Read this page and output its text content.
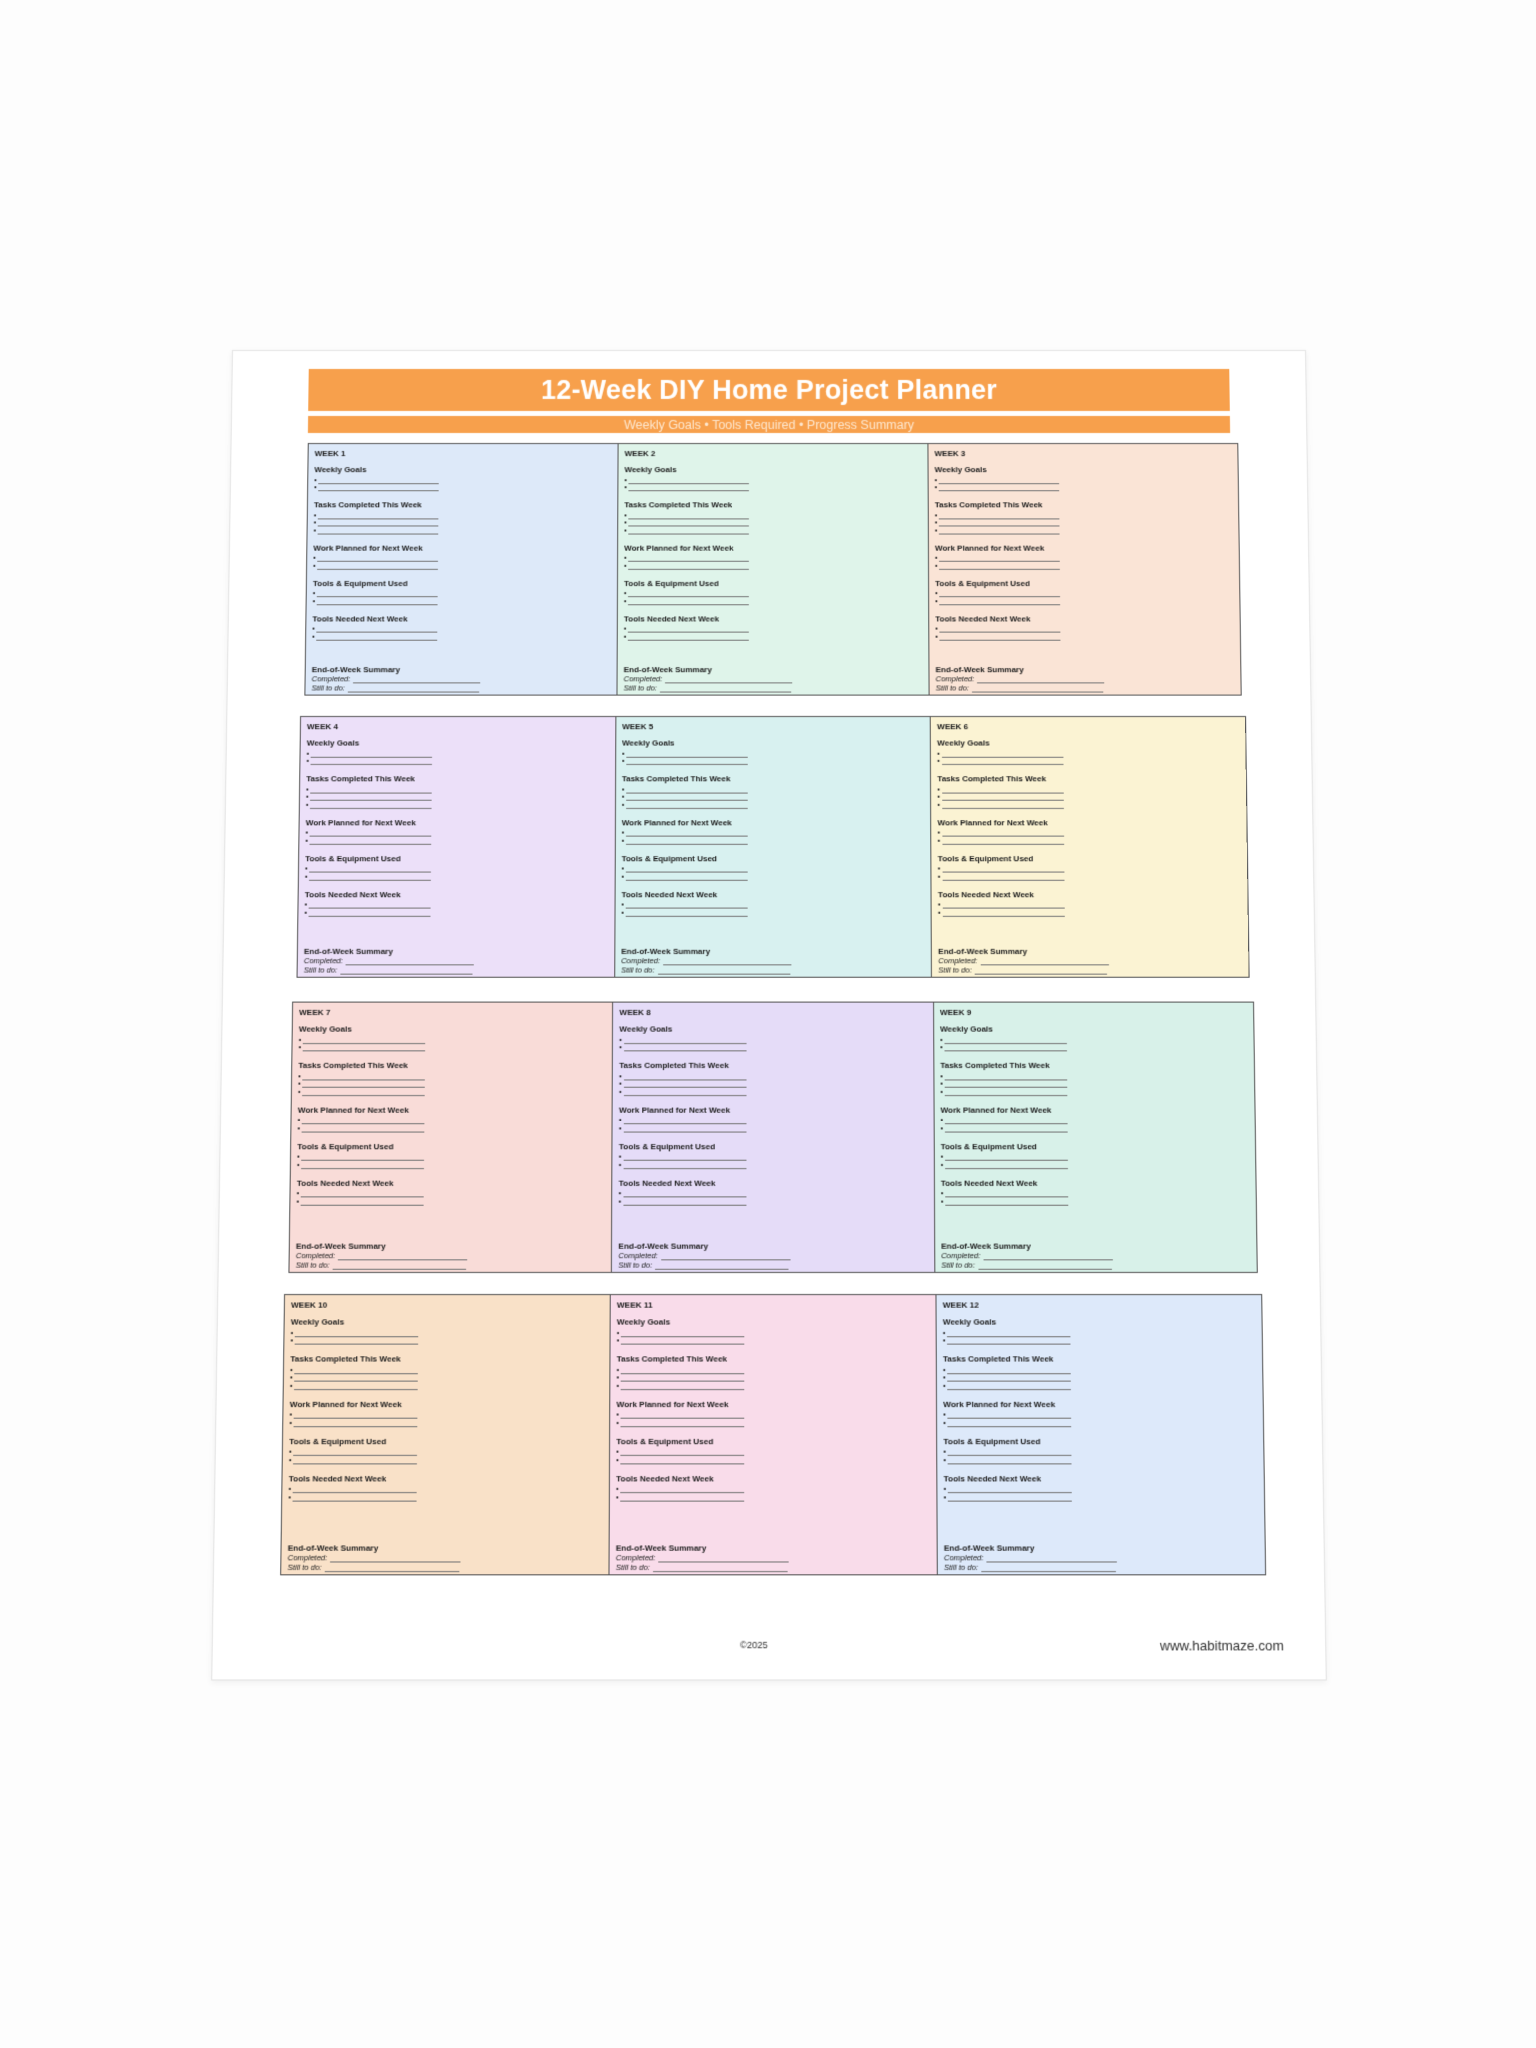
12-Week DIY Home Project Planner
Weekly Goals • Tools Required • Progress Summary
WEEK 1
Weekly Goals
•
•
Tasks Completed This Week
•
•
•
Work Planned for Next Week
•
•
Tools & Equipment Used
•
•
Tools Needed Next Week
•
•
End-of-Week Summary
Completed:
Still to do:
WEEK 2
Weekly Goals
•
•
Tasks Completed This Week
•
•
•
Work Planned for Next Week
•
•
Tools & Equipment Used
•
•
Tools Needed Next Week
•
•
End-of-Week Summary
Completed:
Still to do:
WEEK 3
Weekly Goals
•
•
Tasks Completed This Week
•
•
•
Work Planned for Next Week
•
•
Tools & Equipment Used
•
•
Tools Needed Next Week
•
•
End-of-Week Summary
Completed:
Still to do:
WEEK 4
Weekly Goals
•
•
Tasks Completed This Week
•
•
•
Work Planned for Next Week
•
•
Tools & Equipment Used
•
•
Tools Needed Next Week
•
•
End-of-Week Summary
Completed:
Still to do:
WEEK 5
Weekly Goals
•
•
Tasks Completed This Week
•
•
•
Work Planned for Next Week
•
•
Tools & Equipment Used
•
•
Tools Needed Next Week
•
•
End-of-Week Summary
Completed:
Still to do:
WEEK 6
Weekly Goals
•
•
Tasks Completed This Week
•
•
•
Work Planned for Next Week
•
•
Tools & Equipment Used
•
•
Tools Needed Next Week
•
•
End-of-Week Summary
Completed:
Still to do:
WEEK 7
Weekly Goals
•
•
Tasks Completed This Week
•
•
•
Work Planned for Next Week
•
•
Tools & Equipment Used
•
•
Tools Needed Next Week
•
•
End-of-Week Summary
Completed:
Still to do:
WEEK 8
Weekly Goals
•
•
Tasks Completed This Week
•
•
•
Work Planned for Next Week
•
•
Tools & Equipment Used
•
•
Tools Needed Next Week
•
•
End-of-Week Summary
Completed:
Still to do:
WEEK 9
Weekly Goals
•
•
Tasks Completed This Week
•
•
•
Work Planned for Next Week
•
•
Tools & Equipment Used
•
•
Tools Needed Next Week
•
•
End-of-Week Summary
Completed:
Still to do:
WEEK 10
Weekly Goals
•
•
Tasks Completed This Week
•
•
•
Work Planned for Next Week
•
•
Tools & Equipment Used
•
•
Tools Needed Next Week
•
•
End-of-Week Summary
Completed:
Still to do:
WEEK 11
Weekly Goals
•
•
Tasks Completed This Week
•
•
•
Work Planned for Next Week
•
•
Tools & Equipment Used
•
•
Tools Needed Next Week
•
•
End-of-Week Summary
Completed:
Still to do:
WEEK 12
Weekly Goals
•
•
Tasks Completed This Week
•
•
•
Work Planned for Next Week
•
•
Tools & Equipment Used
•
•
Tools Needed Next Week
•
•
End-of-Week Summary
Completed:
Still to do:
©2025	www.habitmaze.com
